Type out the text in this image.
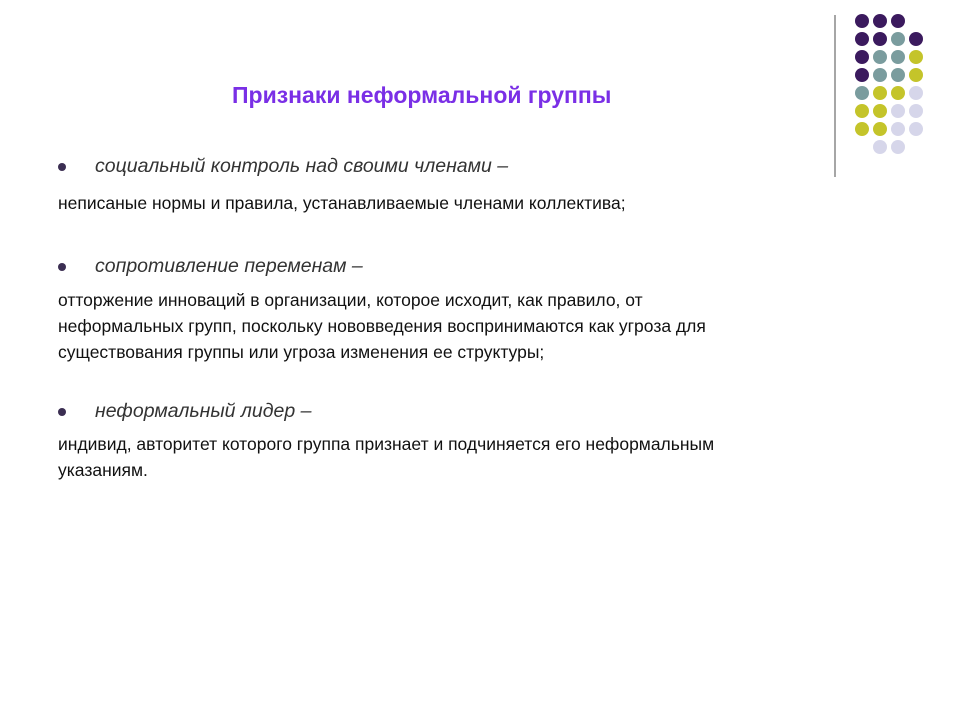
Признаки неформальной группы
социальный контроль над своими членами –
неписаные нормы и правила, устанавливаемые членами коллектива;
сопротивление переменам –
отторжение инноваций в организации, которое исходит, как правило, от
неформальных групп, поскольку нововведения воспринимаются как угроза для
существования группы или угроза изменения ее структуры;
неформальный лидер –
индивид, авторитет которого группа признает и подчиняется его неформальным
указаниям.
